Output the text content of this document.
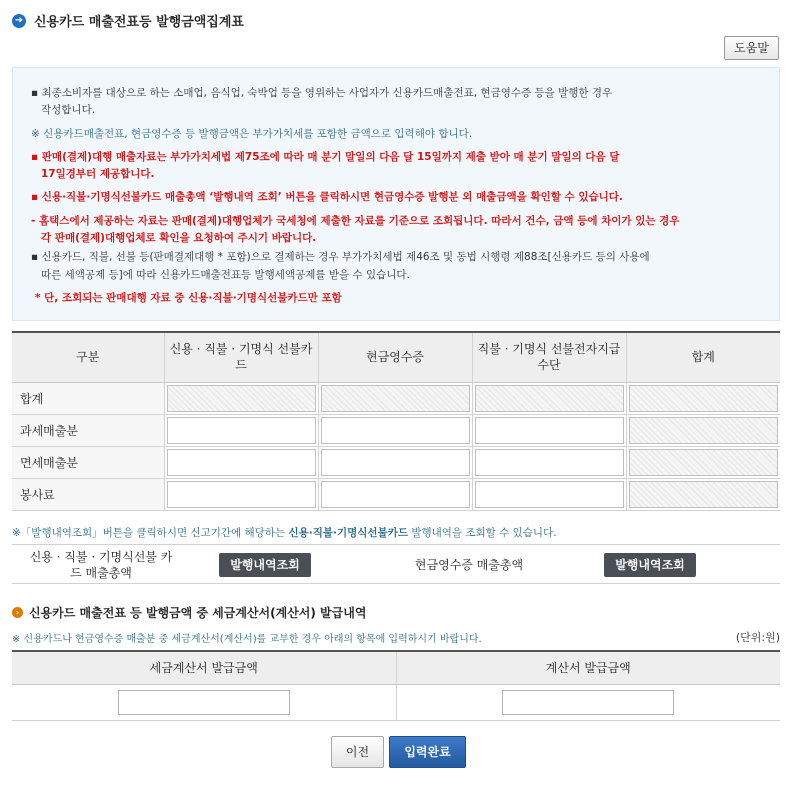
➜ 신용카드 매출전표등 발행금액집계표
도움말

▪ 최종소비자를 대상으로 하는 소매업, 음식업, 숙박업 등을 영위하는 사업자가 신용카드매출전표, 현금영수증 등을 발행한 경우

작성합니다.

※ 신용카드매출전표, 현금영수증 등 발행금액은 부가가치세를 포함한 금액으로 입력해야 합니다.

▪ 판매(결제)대행 매출자료는 부가가치세법 제75조에 따라 매 분기 말일의 다음 달 15일까지 제출 받아 매 분기 말일의 다음 달

17일경부터 제공합니다.

▪ 신용·직불·기명식선불카드 매출총액 ‘발행내역 조회’ 버튼을 클릭하시면 현금영수증 발행분 외 매출금액을 확인할 수 있습니다.

- 홈택스에서 제공하는 자료는 판매(결제)대행업체가 국세청에 제출한 자료를 기준으로 조회됩니다. 따라서 건수, 금액 등에 차이가 있는 경우

각 판매(결제)대행업체로 확인을 요청하여 주시기 바랍니다.

▪ 신용카드, 직불, 선불 등(판매결제대행 * 포함)으로 결제하는 경우 부가가치세법 제46조 및 동법 시행령 제88조[신용카드 등의 사용에

따른 세액공제 등]에 따라 신용카드매출전표등 발행세액공제를 받을 수 있습니다.

* 단, 조회되는 판매대행 자료 중 신용·직불·기명식선불카드만 포함

구분	신용 · 직불 · 기명식 선불카드	현금영수증	직불 · 기명식 선불전자지급수단	합계
합계	

과세매출분				

면세매출분				

봉사료				
※「발행내역조회」버튼을 클릭하시면 신고기간에 해당하는 신용·직불·기명식선불카드 발행내역을 조회할 수 있습니다.
신용 · 직불 · 기명식선불 카드 매출총액
발행내역조회	현금영수증 매출총액	발행내역조회
› 신용카드 매출전표 등 발행금액 중 세금계산서(계산서) 발급내역
※ 신용카드나 현금영수증 매출분 중 세금계산서(계산서)를 교부한 경우 아래의 항목에 입력하시기 바랍니다.	(단위:원)
세금계산서 발급금액	계산서 발급금액

이전	입력완료
